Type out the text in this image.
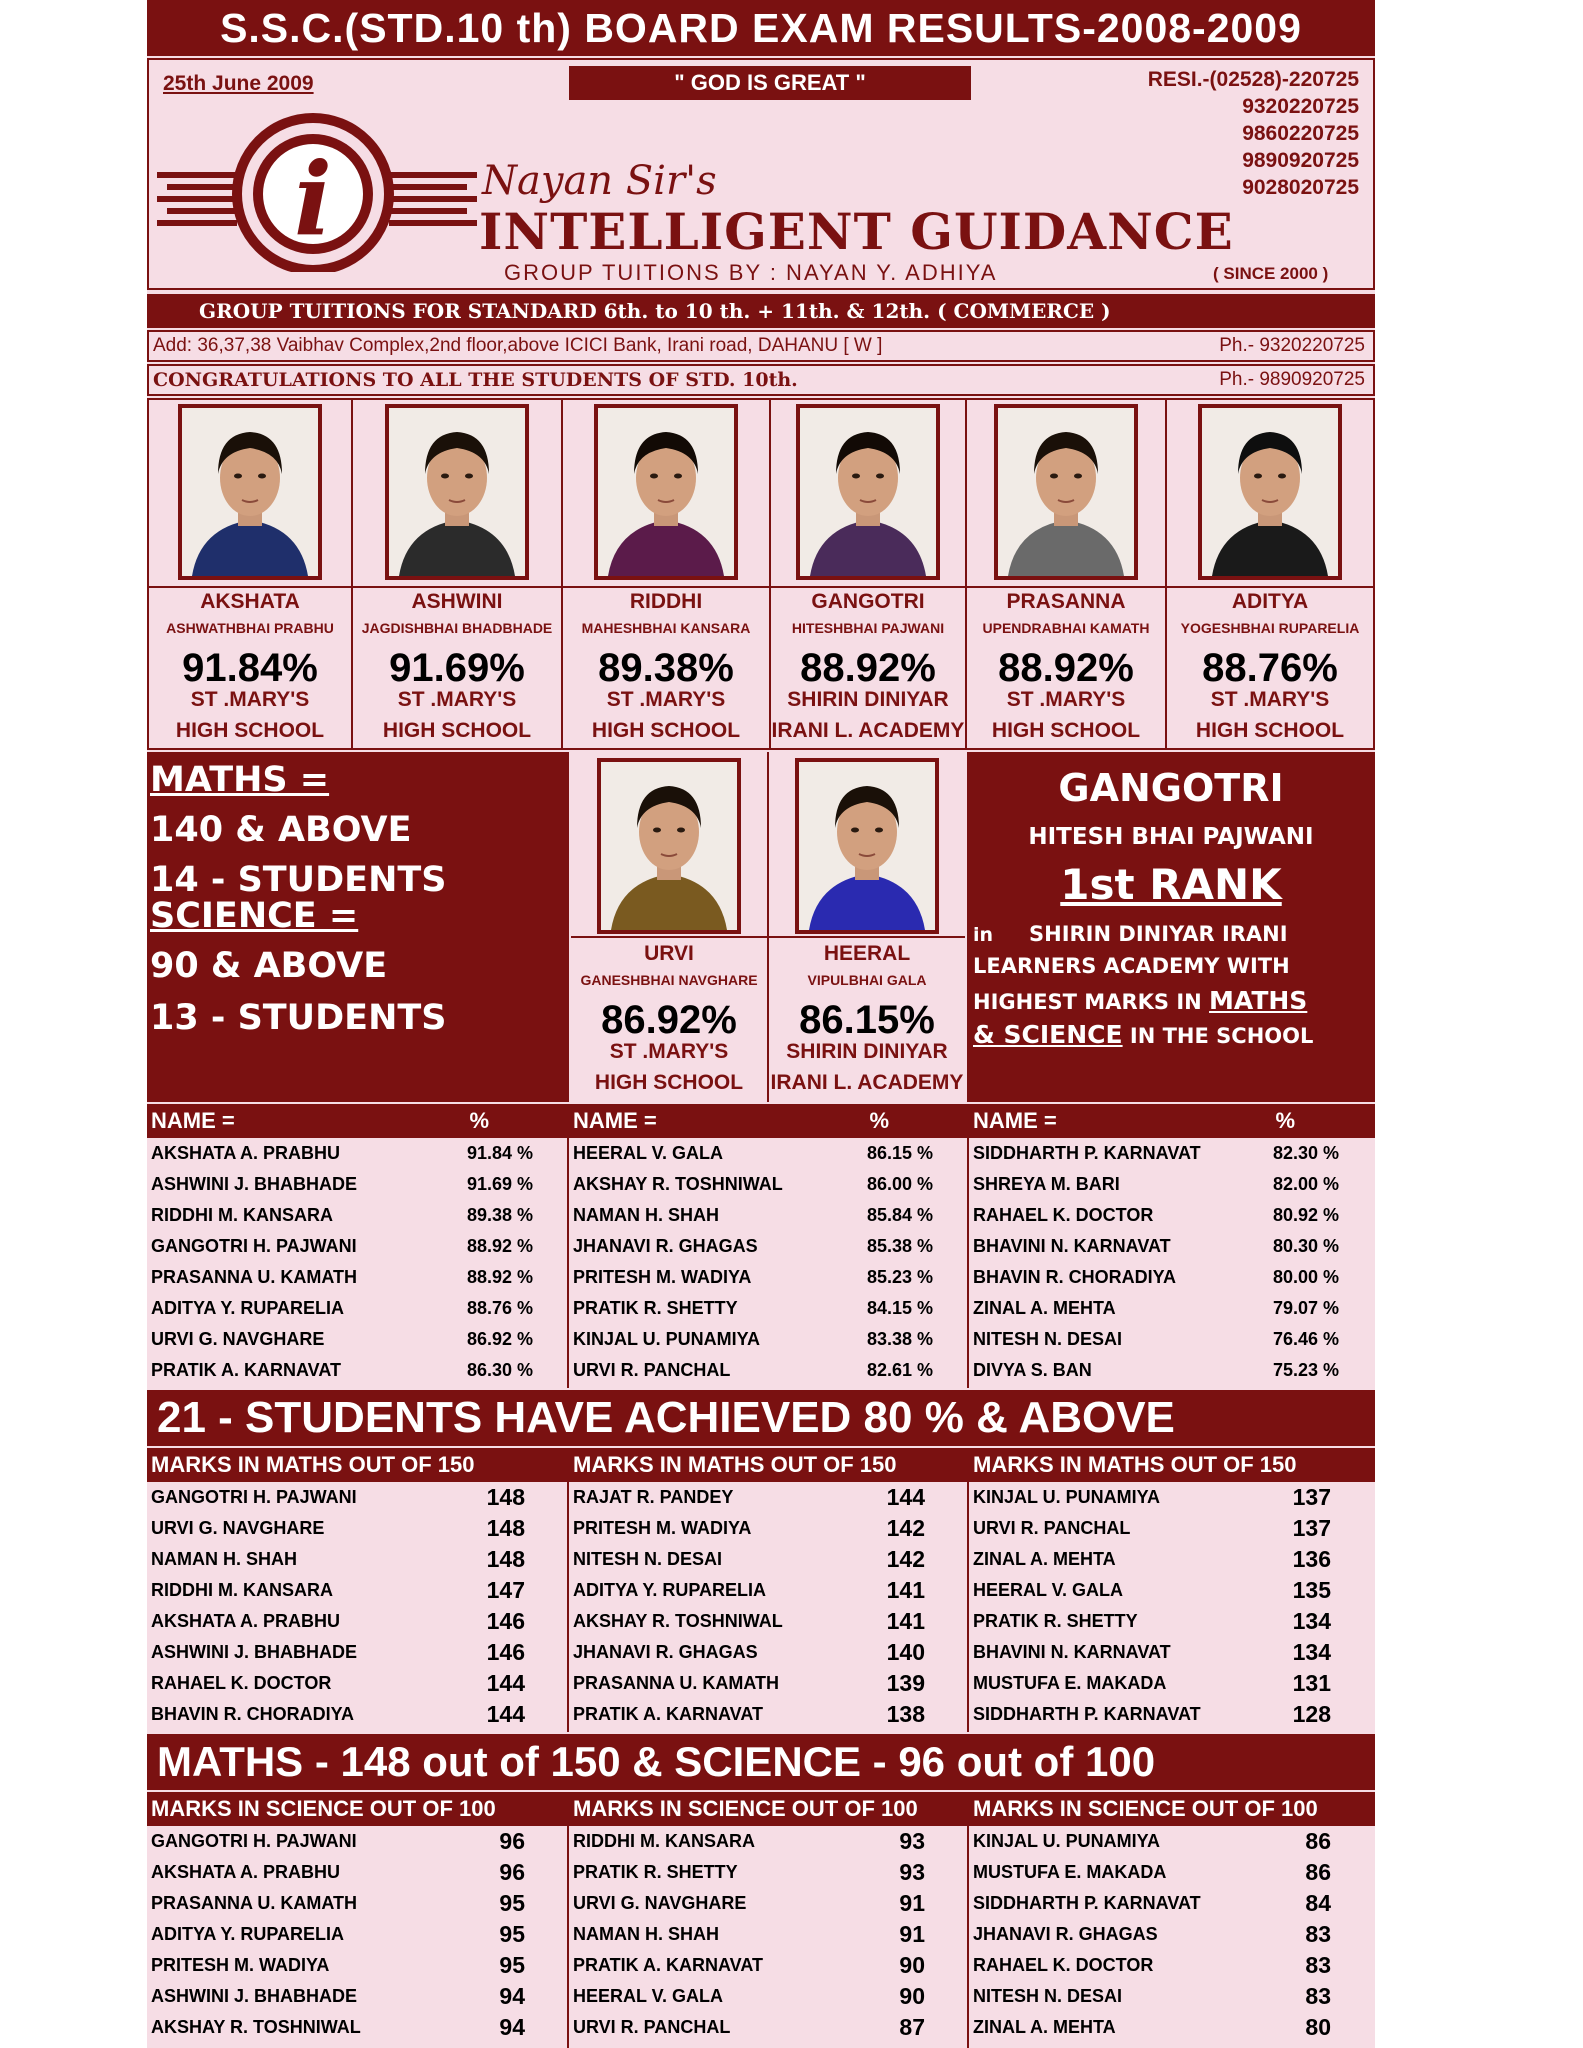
S.S.C.(STD.10 th) BOARD EXAM RESULTS-2008-2009
25th June 2009	" GOD IS GREAT "	RESI.-(02528)-220725
9320220725
9860220725
9890920725
9028020725
i	Nayan Sir's
INTELLIGENT GUIDANCE
GROUP TUITIONS BY : NAYAN Y. ADHIYA	( SINCE 2000 )
GROUP TUITIONS FOR STANDARD 6th. to 10 th. + 11th. & 12th. ( COMMERCE )
Add: 36,37,38 Vaibhav Complex,2nd floor,above ICICI Bank, Irani road, DAHANU [ W ]	Ph.- 9320220725
CONGRATULATIONS TO ALL THE STUDENTS OF STD. 10th.	Ph.- 9890920725
AKSHATA
ASHWATHBHAI PRABHU
91.84%
ST .MARY'S
HIGH SCHOOL
ASHWINI
JAGDISHBHAI BHADBHADE
91.69%
ST .MARY'S
HIGH SCHOOL
RIDDHI
MAHESHBHAI KANSARA
89.38%
ST .MARY'S
HIGH SCHOOL
GANGOTRI
HITESHBHAI PAJWANI
88.92%
SHIRIN DINIYAR
IRANI L. ACADEMY
PRASANNA
UPENDRABHAI KAMATH
88.92%
ST .MARY'S
HIGH SCHOOL
ADITYA
YOGESHBHAI RUPARELIA
88.76%
ST .MARY'S
HIGH SCHOOL
MATHS =
140 & ABOVE
14 - STUDENTS
SCIENCE =
90 & ABOVE
13 - STUDENTS
URVI
GANESHBHAI NAVGHARE
86.92%
ST .MARY'S
HIGH SCHOOL
HEERAL
VIPULBHAI GALA
86.15%
SHIRIN DINIYAR
IRANI L. ACADEMY
GANGOTRI
HITESH BHAI PAJWANI
1st RANK
in SHIRIN DINIYAR IRANI
LEARNERS ACADEMY WITH
HIGHEST MARKS IN MATHS
& SCIENCE IN THE SCHOOL
NAME =	%
AKSHATA A. PRABHU	91.84 %
ASHWINI J. BHABHADE	91.69 %
RIDDHI M. KANSARA	89.38 %
GANGOTRI H. PAJWANI	88.92 %
PRASANNA U. KAMATH	88.92 %
ADITYA Y. RUPARELIA	88.76 %
URVI G. NAVGHARE	86.92 %
PRATIK A. KARNAVAT	86.30 %
NAME =	%
HEERAL V. GALA	86.15 %
AKSHAY R. TOSHNIWAL	86.00 %
NAMAN H. SHAH	85.84 %
JHANAVI R. GHAGAS	85.38 %
PRITESH M. WADIYA	85.23 %
PRATIK R. SHETTY	84.15 %
KINJAL U. PUNAMIYA	83.38 %
URVI R. PANCHAL	82.61 %
NAME =	%
SIDDHARTH P. KARNAVAT	82.30 %
SHREYA M. BARI	82.00 %
RAHAEL K. DOCTOR	80.92 %
BHAVINI N. KARNAVAT	80.30 %
BHAVIN R. CHORADIYA	80.00 %
ZINAL A. MEHTA	79.07 %
NITESH N. DESAI	76.46 %
DIVYA S. BAN	75.23 %
21 - STUDENTS HAVE ACHIEVED 80 % & ABOVE
MARKS IN MATHS OUT OF 150
GANGOTRI H. PAJWANI	148
URVI G. NAVGHARE	148
NAMAN H. SHAH	148
RIDDHI M. KANSARA	147
AKSHATA A. PRABHU	146
ASHWINI J. BHABHADE	146
RAHAEL K. DOCTOR	144
BHAVIN R. CHORADIYA	144
MARKS IN MATHS OUT OF 150
RAJAT R. PANDEY	144
PRITESH M. WADIYA	142
NITESH N. DESAI	142
ADITYA Y. RUPARELIA	141
AKSHAY R. TOSHNIWAL	141
JHANAVI R. GHAGAS	140
PRASANNA U. KAMATH	139
PRATIK A. KARNAVAT	138
MARKS IN MATHS OUT OF 150
KINJAL U. PUNAMIYA	137
URVI R. PANCHAL	137
ZINAL A. MEHTA	136
HEERAL V. GALA	135
PRATIK R. SHETTY	134
BHAVINI N. KARNAVAT	134
MUSTUFA E. MAKADA	131
SIDDHARTH P. KARNAVAT	128
MATHS - 148 out of 150 & SCIENCE - 96 out of 100
MARKS IN SCIENCE OUT OF 100
GANGOTRI H. PAJWANI	96
AKSHATA A. PRABHU	96
PRASANNA U. KAMATH	95
ADITYA Y. RUPARELIA	95
PRITESH M. WADIYA	95
ASHWINI J. BHABHADE	94
AKSHAY R. TOSHNIWAL	94
MARKS IN SCIENCE OUT OF 100
RIDDHI M. KANSARA	93
PRATIK R. SHETTY	93
URVI G. NAVGHARE	91
NAMAN H. SHAH	91
PRATIK A. KARNAVAT	90
HEERAL V. GALA	90
URVI R. PANCHAL	87
MARKS IN SCIENCE OUT OF 100
KINJAL U. PUNAMIYA	86
MUSTUFA E. MAKADA	86
SIDDHARTH P. KARNAVAT	84
JHANAVI R. GHAGAS	83
RAHAEL K. DOCTOR	83
NITESH N. DESAI	83
ZINAL A. MEHTA	80
